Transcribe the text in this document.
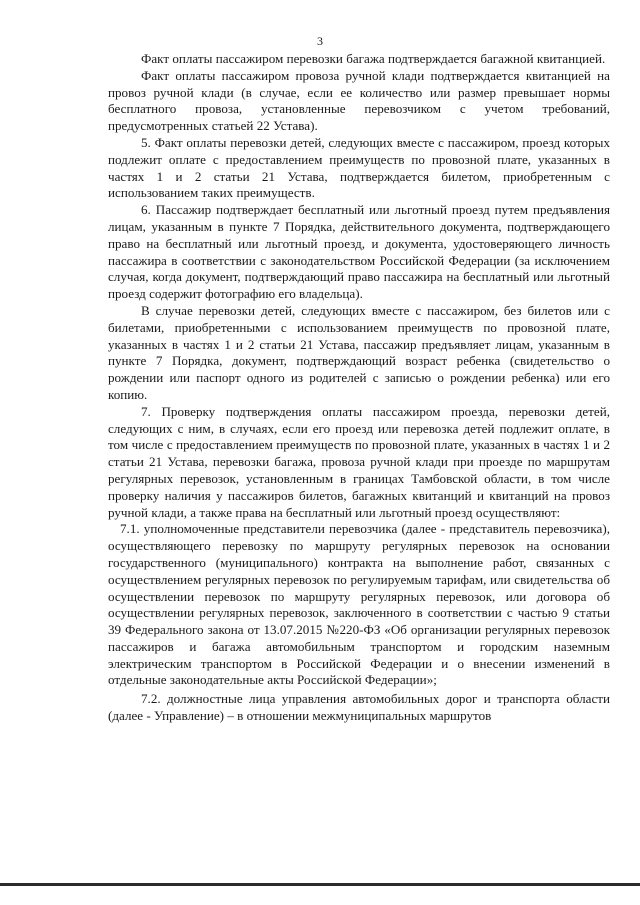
3

Факт оплаты пассажиром перевозки багажа подтверждается багажной квитанцией.

Факт оплаты пассажиром провоза ручной клади подтверждается квитанцией на провоз ручной клади (в случае, если ее количество или размер превышает нормы бесплатного провоза, установленные перевозчиком с учетом требований, предусмотренных статьей 22 Устава).

5. Факт оплаты перевозки детей, следующих вместе с пассажиром, проезд которых подлежит оплате с предоставлением преимуществ по провозной плате, указанных в частях 1 и 2 статьи 21 Устава, подтверждается билетом, приобретенным с использованием таких преимуществ.

6. Пассажир подтверждает бесплатный или льготный проезд путем предъявления лицам, указанным в пункте 7 Порядка, действительного документа, подтверждающего право на бесплатный или льготный проезд, и документа, удостоверяющего личность пассажира в соответствии с законодательством Российской Федерации (за исключением случая, когда документ, подтверждающий право пассажира на бесплатный или льготный проезд содержит фотографию его владельца).

В случае перевозки детей, следующих вместе с пассажиром, без билетов или с билетами, приобретенными с использованием преимуществ по провозной плате, указанных в частях 1 и 2 статьи 21 Устава, пассажир предъявляет лицам, указанным в пункте 7 Порядка, документ, подтверждающий возраст ребенка (свидетельство о рождении или паспорт одного из родителей с записью о рождении ребенка) или его копию.

7. Проверку подтверждения оплаты пассажиром проезда, перевозки детей, следующих с ним, в случаях, если его проезд или перевозка детей подлежит оплате, в том числе с предоставлением преимуществ по провозной плате, указанных в частях 1 и 2 статьи 21 Устава, перевозки багажа, провоза ручной клади при проезде по маршрутам регулярных перевозок, установленным в границах Тамбовской области, в том числе проверку наличия у пассажиров билетов, багажных квитанций и квитанций на провоз ручной клади, а также права на бесплатный или льготный проезд осуществляют:

7.1. уполномоченные представители перевозчика (далее - представитель перевозчика), осуществляющего перевозку по маршруту регулярных перевозок на основании государственного (муниципального) контракта на выполнение работ, связанных с осуществлением регулярных перевозок по регулируемым тарифам, или свидетельства об осуществлении перевозок по маршруту регулярных перевозок, или договора об осуществлении регулярных перевозок, заключенного в соответствии с частью 9 статьи 39 Федерального закона от 13.07.2015 №220-ФЗ «Об организации регулярных перевозок пассажиров и багажа автомобильным транспортом и городским наземным электрическим транспортом в Российской Федерации и о внесении изменений в отдельные законодательные акты Российской Федерации»;

7.2. должностные лица управления автомобильных дорог и транспорта области (далее - Управление) – в отношении межмуниципальных маршрутов
